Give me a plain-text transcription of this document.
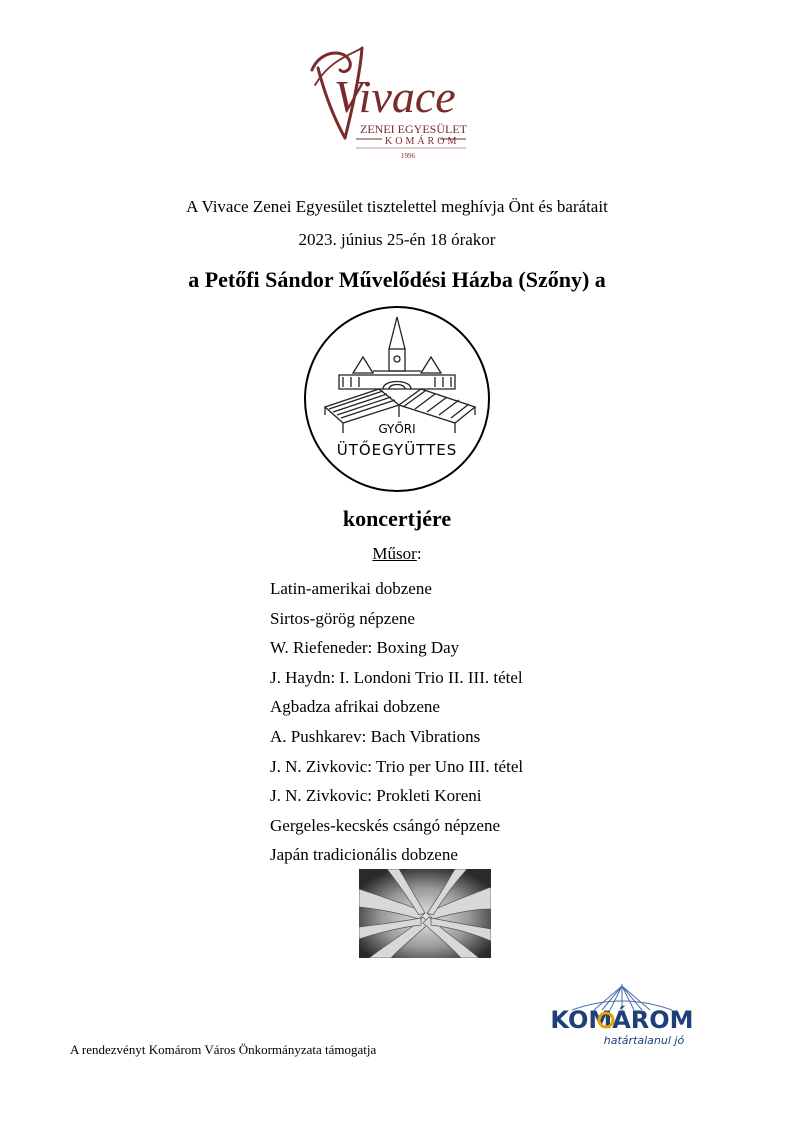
Vivace
ZENEI EGYESÜLET
KOMÁROM
1996
A Vivace Zenei Egyesület tisztelettel meghívja Önt és barátait
2023. június 25-én 18 órakor
a Petőfi Sándor Művelődési Házba (Szőny) a
GYŐRI
ÜTŐEGYÜTTES
koncertjére
Műsor:
Latin-amerikai dobzene
Sirtos-görög népzene
W. Riefeneder: Boxing Day
J. Haydn: I. Londoni Trio II. III. tétel
Agbadza afrikai dobzene
A. Pushkarev: Bach Vibrations
J. N. Zivkovic: Trio per Uno III. tétel
J. N. Zivkovic: Prokleti Koreni
Gergeles-kecskés csángó népzene
Japán tradicionális dobzene
KOMÁROM
határtalanul jó
A rendezvényt Komárom Város Önkormányzata támogatja
